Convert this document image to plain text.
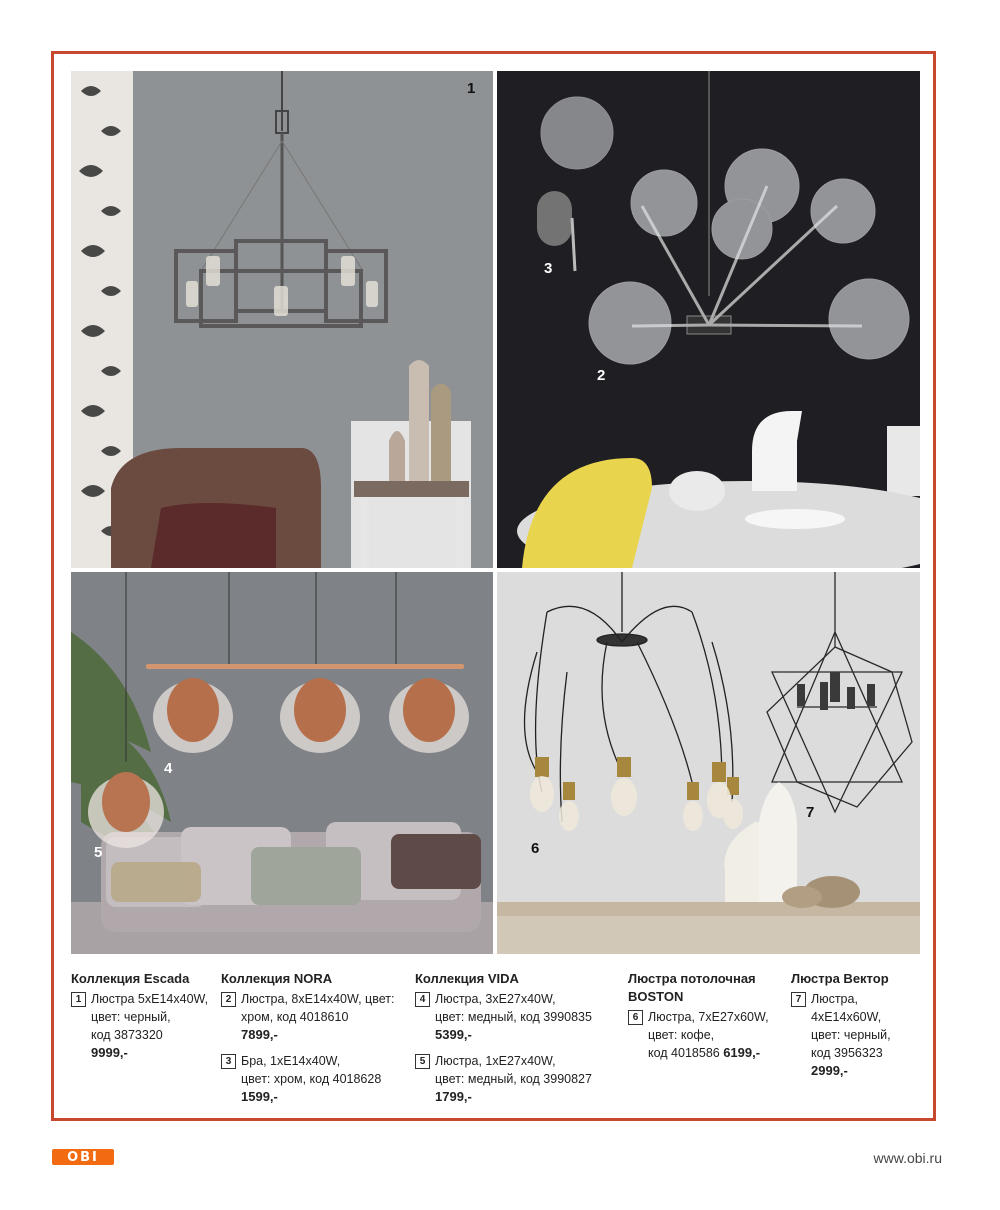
1
3
2
4
5	6
7
Коллекция Escada
1 Люстра 5хЕ14х40W,
цвет: черный,
код 3873320
9999,-
Коллекция NORA
2 Люстра, 8хЕ14х40W, цвет:
хром, код 4018610
7899,-
3 Бра, 1хЕ14х40W,
цвет: хром, код 4018628
1599,-
Коллекция VIDA
4 Люстра, 3хЕ27х40W,
цвет: медный, код 3990835
5399,-
5 Люстра, 1хЕ27х40W,
цвет: медный, код 3990827
1799,-
Люстра потолочная
BOSTON
6 Люстра, 7хЕ27х60W,
цвет: кофе,
код 4018586 6199,-
Люстра Вектор
7 Люстра,
4хЕ14х60W,
цвет: черный,
код 3956323
2999,-
OBI	www.obi.ru
